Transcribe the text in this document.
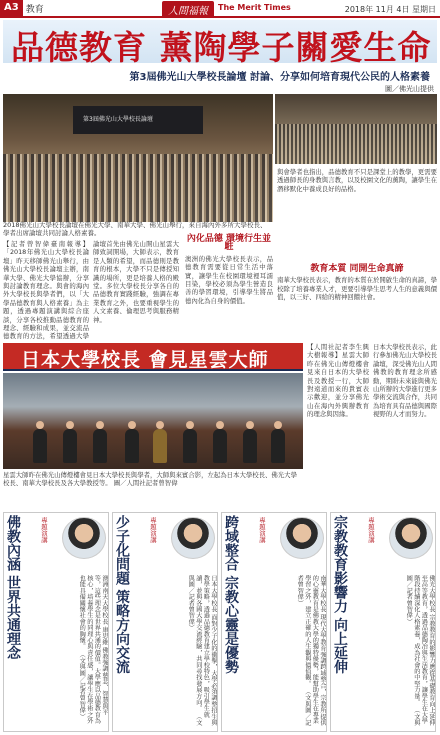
A3 教育	人間福報	The Merit Times	2018年 11月 4日 星期日
品德教育 薰陶學子關愛生命
第3屆佛光山大學校長論壇 討論、分享如何培育現代公民的人格素養
圖／佛光山提供
第3屆佛光山大學校長論壇
2018佛光山大學校長論壇在佛光大學、南華大學、佛光山舉行，來自海內外多所大學校長、學者出席論壇共同討論人格素養。

【記者曾智偉臺南報導】「2018年佛光山大學校長論壇」昨天移師佛光山舉行，由佛光山大學校長論壇主辦，南華大學、佛光大學協辦，分享與討論教育理念。與會的海內外大學校長與學者們，以「大學品德教育與人格素養」為主題，透過專題演講與綜合座談，分享各校推動品德教育的理念、經驗和成果，並交流品德教育的方法，希望透過大學

論壇首先由佛光山開山星雲大師致詞開場，大師表示，教育是人類的希望，而品德則是教育的根本，大學不只是傳授知識的場所，更是培養人格的殿堂。多位大學校長分享各自的品德教育實踐經驗，強調在專業教育之外，也要重視學生的人文素養、倫理思考與服務精神。

內化品德 環境行生並駐

澳洲的佛光大學校長表示，品德教育需要從日常生活中落實，讓學生在校園環境裡耳濡目染，學校必須為學生營造良善的學習環境，引導學生將品德內化為自身的價值。

與會學者也指出，品德教育不只是課堂上的教學，更需要透過師長的身教與言教，以及校園文化的薰陶，讓學生在潛移默化中養成良好的品格。

教育本質 同開生命真諦

南華大學校長表示，教育的本質在於開啟生命的真諦，學校除了培養專業人才，更要引導學生思考人生的意義與價值，以三好、四給的精神回饋社會。

日本大學校長 會見星雲大師
星雲大師昨在佛光山傳燈樓會見日本大學校長與學者，大師與來賓合影，左起為日本大學校長、佛光大學校長、南華大學校長及各大學教授等。 圖／人間社記者曾智偉

【人間社記者李生興大樹報導】星雲大師昨在佛光山傳燈樓會見來自日本的大學校長及教授一行，大師對遠道而來的貴賓表示歡迎，並分享佛光山在海內外興辦教育的理念與因緣。

日本大學校長表示，此行參加佛光山大學校長論壇，深受佛光山人間佛教的教育理念所感動，期盼未來能與佛光山所辦的大學進行更多學術交流與合作，共同為培育具有品德與國際視野的人才而努力。

佛教內涵 世界共通理念	專題演講
澳洲南天大學校長 康思維 佛教強調慈悲、智慧與平等，這些理念是世界共通的價值。大學應以品德教育為核心，培養學生的同理心與責任感，讓學生在學術之外也能具備關懷社會的胸懷。 （文與圖／記者曾智偉）
少子化問題 策略方向交流	專題演講
日本大學校長 面對少子化的衝擊，大學必須調整招生與教學策略，透過品德教育建立學校特色，吸引學生就讀，並與各國大學交流經驗，共同尋找發展方向。 （文與圖／記者曾智偉）	跨域整合 宗教心靈是優勢	專題演講
南華大學校長 現代大學教育強調跨域整合，宗教所提供的心靈教育是佛教大學的獨特優勢，能幫助學生在專業學習之外，建立正確的人生觀與價值觀。 （文與圖／記者曾智偉）	宗教教育影響力 向上延伸	專題演講
佛光大學校長 宗教教育的影響力應從基礎教育向上延伸至高等教育，透過品德陶冶與生活教育，讓學生在大學階段持續深化人格素養，成為社會的中堅力量。 （文與圖／記者曾智偉）
